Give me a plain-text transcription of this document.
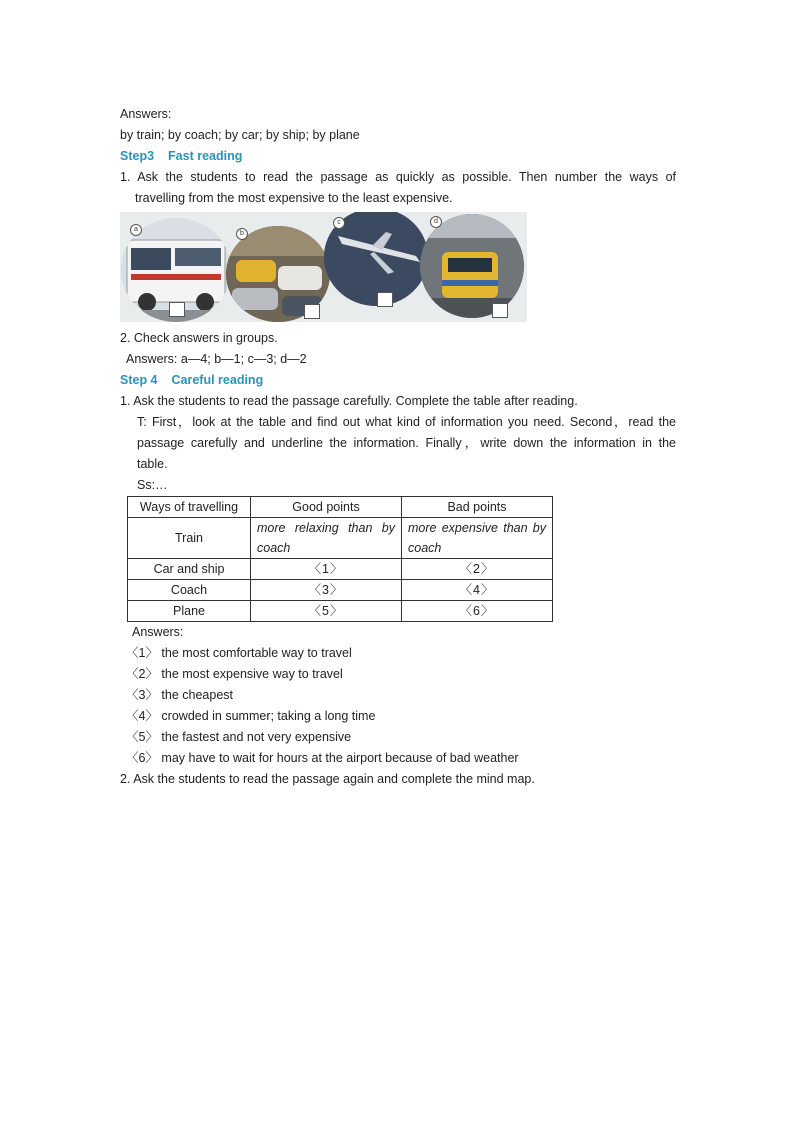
Answers:
by train; by coach; by car; by ship; by plane
Step3 Fast reading
1. Ask the students to read the passage as quickly as possible. Then number the ways of
travelling from the most expensive to the least expensive.
a
b
c	d
2. Check answers in groups.
Answers: a—4; b—1; c—3; d—2
Step 4 Careful reading
1. Ask the students to read the passage carefully. Complete the table after reading.
T: First，look at the table and find out what kind of information you need. Second，read the
passage carefully and underline the information. Finally，write down the information in the
table.
Ss:…
Ways of travelling	Good points	Bad points
Train	more relaxing than by coach	more expensive than by coach
Car and ship	〈1〉	〈2〉
Coach	〈3〉	〈4〉
Plane	〈5〉	〈6〉
Answers:
〈1〉 the most comfortable way to travel
〈2〉 the most expensive way to travel
〈3〉 the cheapest
〈4〉 crowded in summer; taking a long time
〈5〉 the fastest and not very expensive
〈6〉 may have to wait for hours at the airport because of bad weather
2. Ask the students to read the passage again and complete the mind map.
